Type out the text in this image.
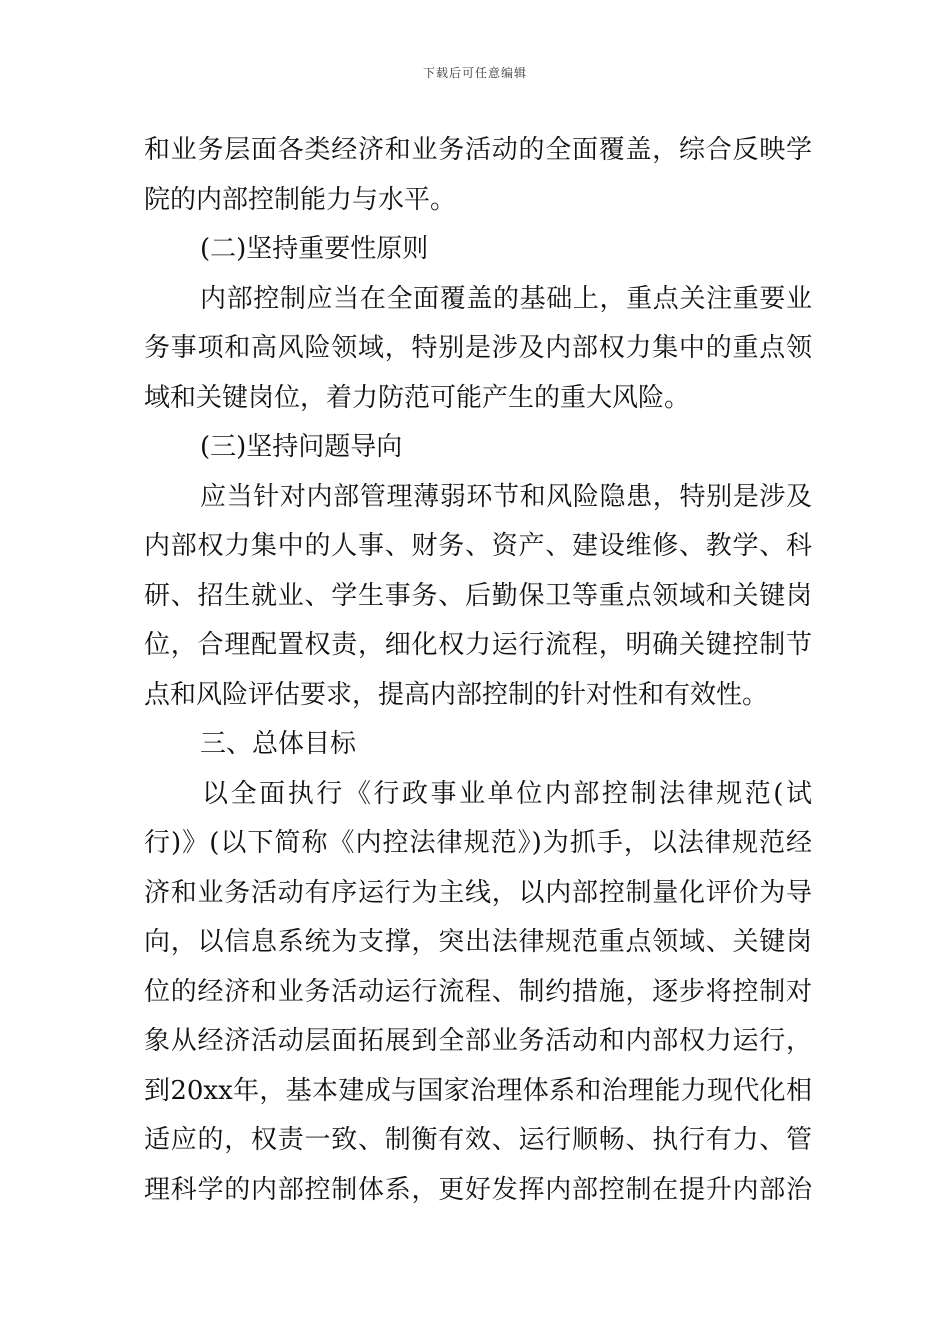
下载后可任意编辑
和业务层面各类经济和业务活动的全面覆盖，综合反映学
院的内部控制能力与水平。
(二)坚持重要性原则
内部控制应当在全面覆盖的基础上，重点关注重要业
务事项和高风险领域，特别是涉及内部权力集中的重点领
域和关键岗位，着力防范可能产生的重大风险。
(三)坚持问题导向
应当针对内部管理薄弱环节和风险隐患，特别是涉及
内部权力集中的人事、财务、资产、建设维修、教学、科
研、招生就业、学生事务、后勤保卫等重点领域和关键岗
位，合理配置权责，细化权力运行流程，明确关键控制节
点和风险评估要求，提高内部控制的针对性和有效性。
三、总体目标
以全面执行《行政事业单位内部控制法律规范(试
行)》(以下简称《内控法律规范》)为抓手，以法律规范经
济和业务活动有序运行为主线，以内部控制量化评价为导
向，以信息系统为支撑，突出法律规范重点领域、关键岗
位的经济和业务活动运行流程、制约措施，逐步将控制对
象从经济活动层面拓展到全部业务活动和内部权力运行，
到20xx年，基本建成与国家治理体系和治理能力现代化相
适应的，权责一致、制衡有效、运行顺畅、执行有力、管
理科学的内部控制体系，更好发挥内部控制在提升内部治
